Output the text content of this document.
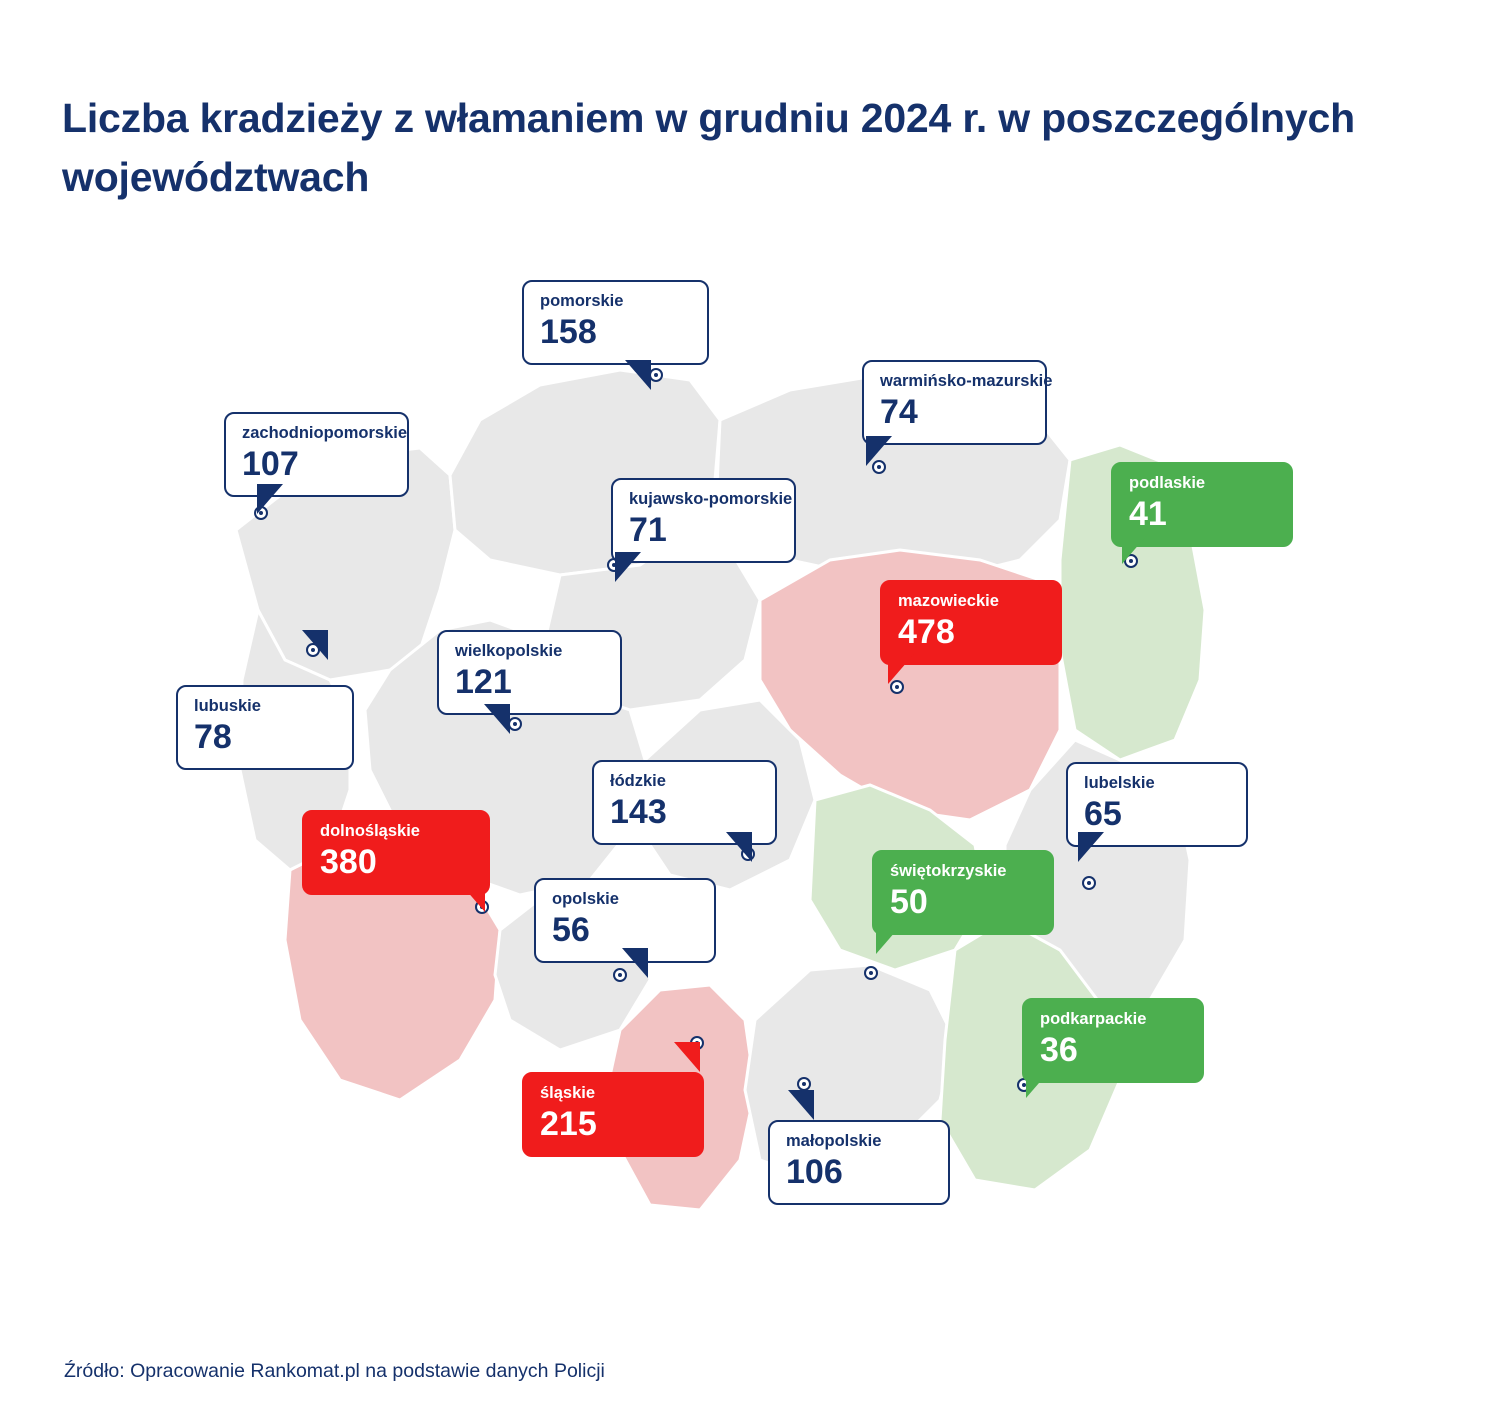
Liczba kradzieży z włamaniem w grudniu 2024 r. w poszczególnych województwach
pomorskie
158
warmińsko-mazurskie
74
zachodniopomorskie
107
kujawsko-pomorskie
71
podlaskie
41
mazowieckie
478
wielkopolskie
121
lubuskie
78
łódzkie
143
lubelskie
65
dolnośląskie
380	świętokrzyskie
50
opolskie
56
podkarpackie
36
śląskie
215	małopolskie
106
Źródło: Opracowanie Rankomat.pl na podstawie danych Policji
